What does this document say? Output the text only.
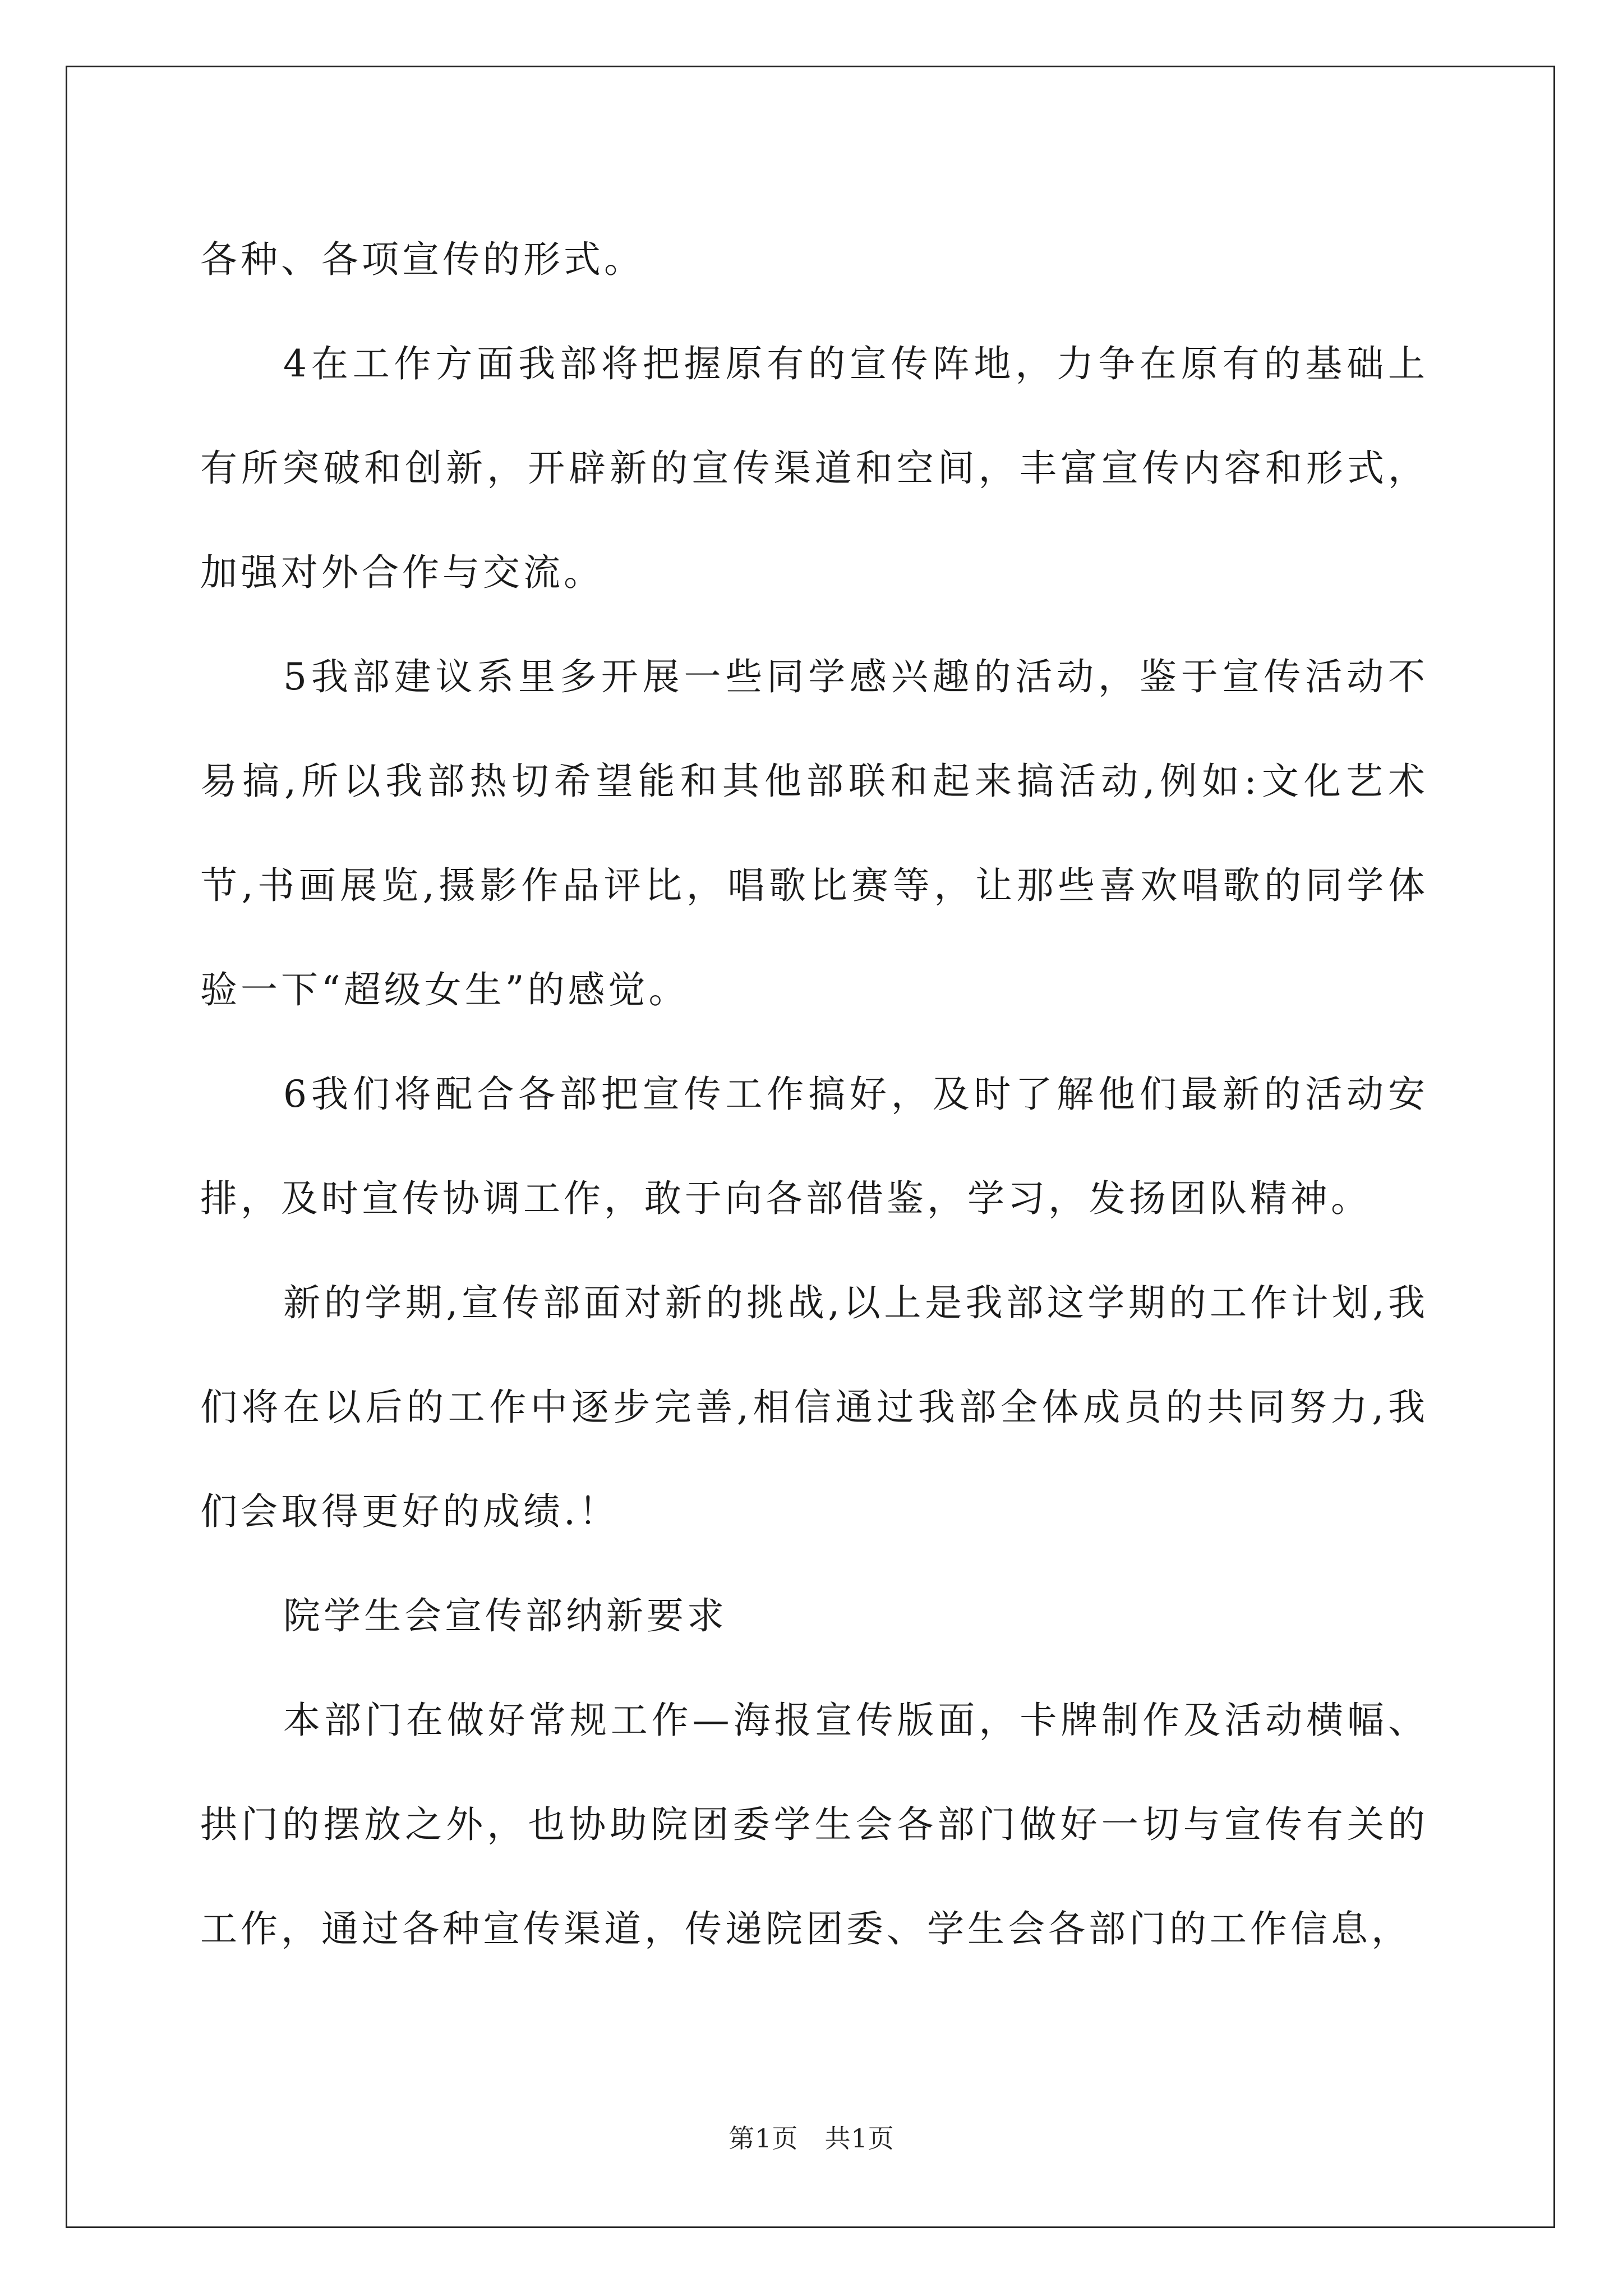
各种、各项宣传的形式。

4在工作方面我部将把握原有的宣传阵地，力争在原有的基础上有所突破和创新，开辟新的宣传渠道和空间，丰富宣传内容和形式，加强对外合作与交流。

5我部建议系里多开展一些同学感兴趣的活动，鉴于宣传活动不易搞,所以我部热切希望能和其他部联和起来搞活动,例如:文化艺术节,书画展览,摄影作品评比，唱歌比赛等，让那些喜欢唱歌的同学体验一下“超级女生”的感觉。

6我们将配合各部把宣传工作搞好，及时了解他们最新的活动安排，及时宣传协调工作，敢于向各部借鉴，学习，发扬团队精神。

新的学期,宣传部面对新的挑战,以上是我部这学期的工作计划,我们将在以后的工作中逐步完善,相信通过我部全体成员的共同努力,我们会取得更好的成绩.！

院学生会宣传部纳新要求

本部门在做好常规工作—海报宣传版面，卡牌制作及活动横幅、拱门的摆放之外，也协助院团委学生会各部门做好一切与宣传有关的工作，通过各种宣传渠道，传递院团委、学生会各部门的工作信息，

第1页　共1页
